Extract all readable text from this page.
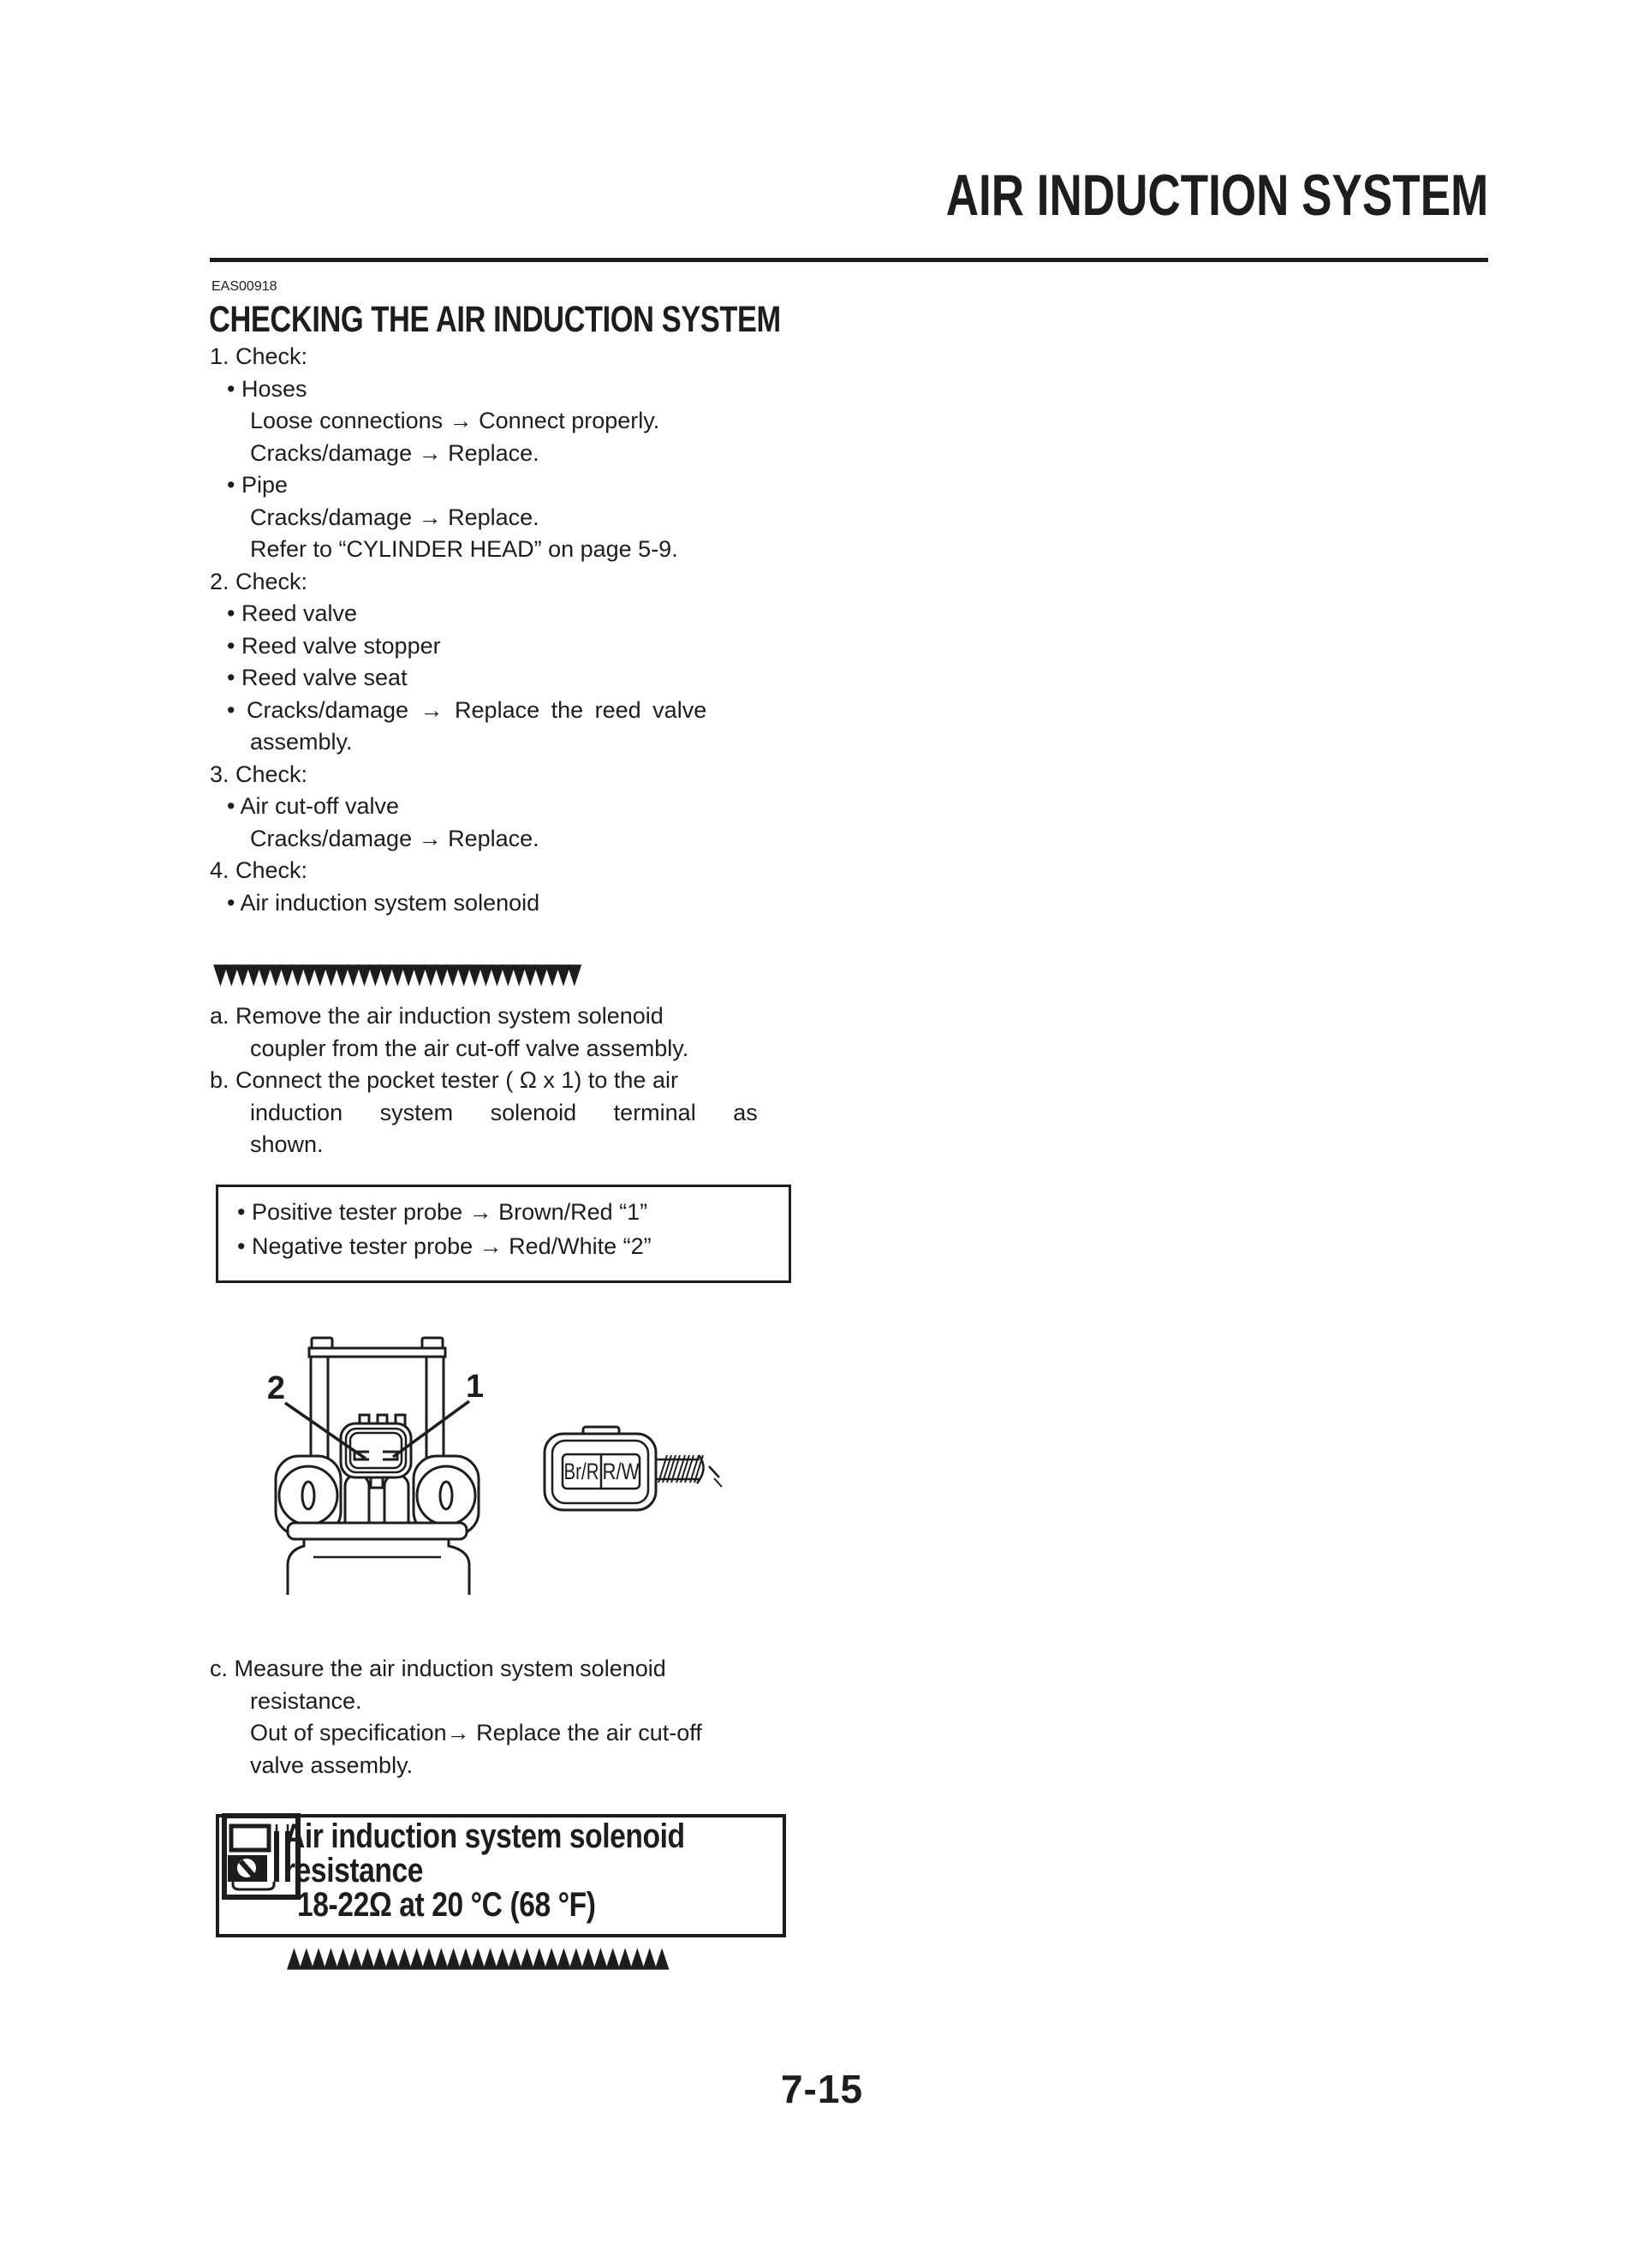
AIR INDUCTION SYSTEM
EAS00918
CHECKING THE AIR INDUCTION SYSTEM
1. Check:
• Hoses
Loose connections → Connect properly.
Cracks/damage → Replace.
• Pipe
Cracks/damage → Replace.
Refer to “CYLINDER HEAD” on page 5-9.
2. Check:
• Reed valve
• Reed valve stopper
• Reed valve seat
• Cracks/damage → Replace the reed valve
assembly.
3. Check:
• Air cut-off valve
Cracks/damage → Replace.
4. Check:
• Air induction system solenoid
▼▼▼▼▼▼▼▼▼▼▼▼▼▼▼▼▼▼▼▼▼▼▼▼▼▼▼▼▼▼▼▼▼
a. Remove the air induction system solenoid
coupler from the air cut-off valve assembly.
b. Connect the pocket tester ( Ω x 1) to the air
induction system solenoid terminal as
shown.
• Positive tester probe → Brown/Red “1”
• Negative tester probe → Red/White “2”
2	1
Br/R R/W
c. Measure the air induction system solenoid
resistance.
Out of specification→ Replace the air cut-off
valve assembly.
Air induction system solenoid
resistance
18-22Ω at 20 °C (68 °F)
▲▲▲▲▲▲▲▲▲▲▲▲▲▲▲▲▲▲▲▲▲▲▲▲▲▲▲▲▲▲▲
7-15
